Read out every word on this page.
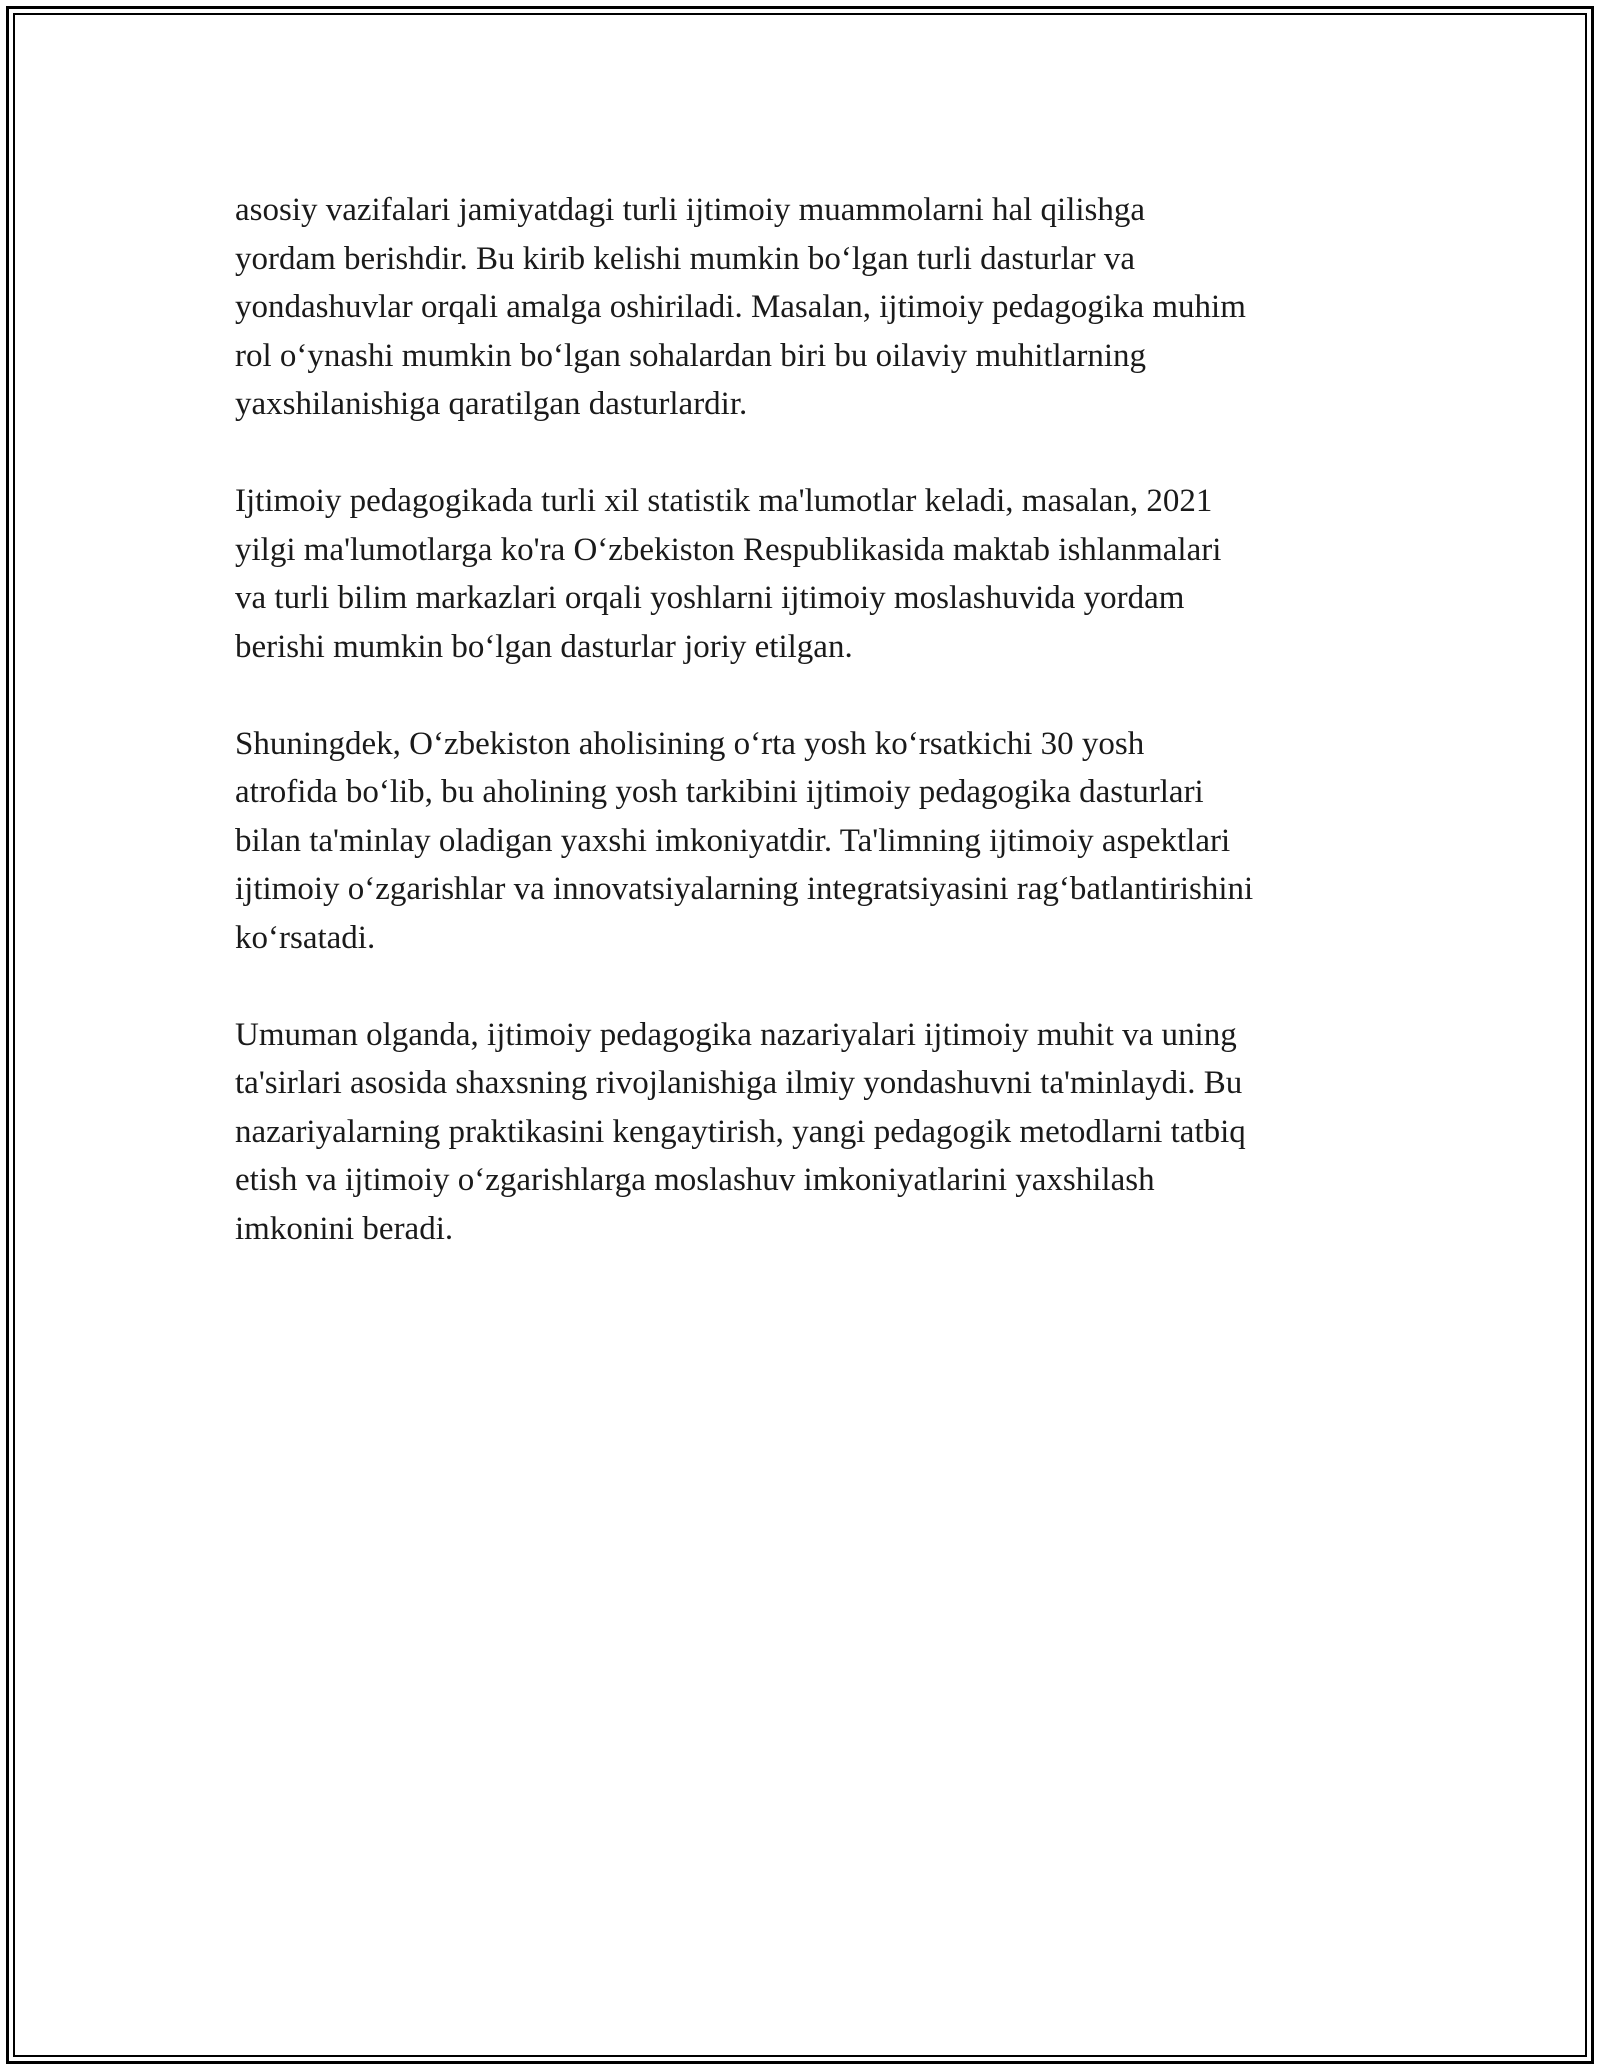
asosiy vazifalari jamiyatdagi turli ijtimoiy muammolarni hal qilishga
yordam berishdir. Bu kirib kelishi mumkin boʻlgan turli dasturlar va
yondashuvlar orqali amalga oshiriladi. Masalan, ijtimoiy pedagogika muhim
rol oʻynashi mumkin boʻlgan sohalardan biri bu oilaviy muhitlarning
yaxshilanishiga qaratilgan dasturlardir.

Ijtimoiy pedagogikada turli xil statistik ma'lumotlar keladi, masalan, 2021
yilgi ma'lumotlarga ko'ra Oʻzbekiston Respublikasida maktab ishlanmalari
va turli bilim markazlari orqali yoshlarni ijtimoiy moslashuvida yordam
berishi mumkin boʻlgan dasturlar joriy etilgan.

Shuningdek, Oʻzbekiston aholisining oʻrta yosh koʻrsatkichi 30 yosh
atrofida boʻlib, bu aholining yosh tarkibini ijtimoiy pedagogika dasturlari
bilan ta'minlay oladigan yaxshi imkoniyatdir. Ta'limning ijtimoiy aspektlari
ijtimoiy oʻzgarishlar va innovatsiyalarning integratsiyasini ragʻbatlantirishini
koʻrsatadi.

Umuman olganda, ijtimoiy pedagogika nazariyalari ijtimoiy muhit va uning
ta'sirlari asosida shaxsning rivojlanishiga ilmiy yondashuvni ta'minlaydi. Bu
nazariyalarning praktikasini kengaytirish, yangi pedagogik metodlarni tatbiq
etish va ijtimoiy oʻzgarishlarga moslashuv imkoniyatlarini yaxshilash
imkonini beradi.
